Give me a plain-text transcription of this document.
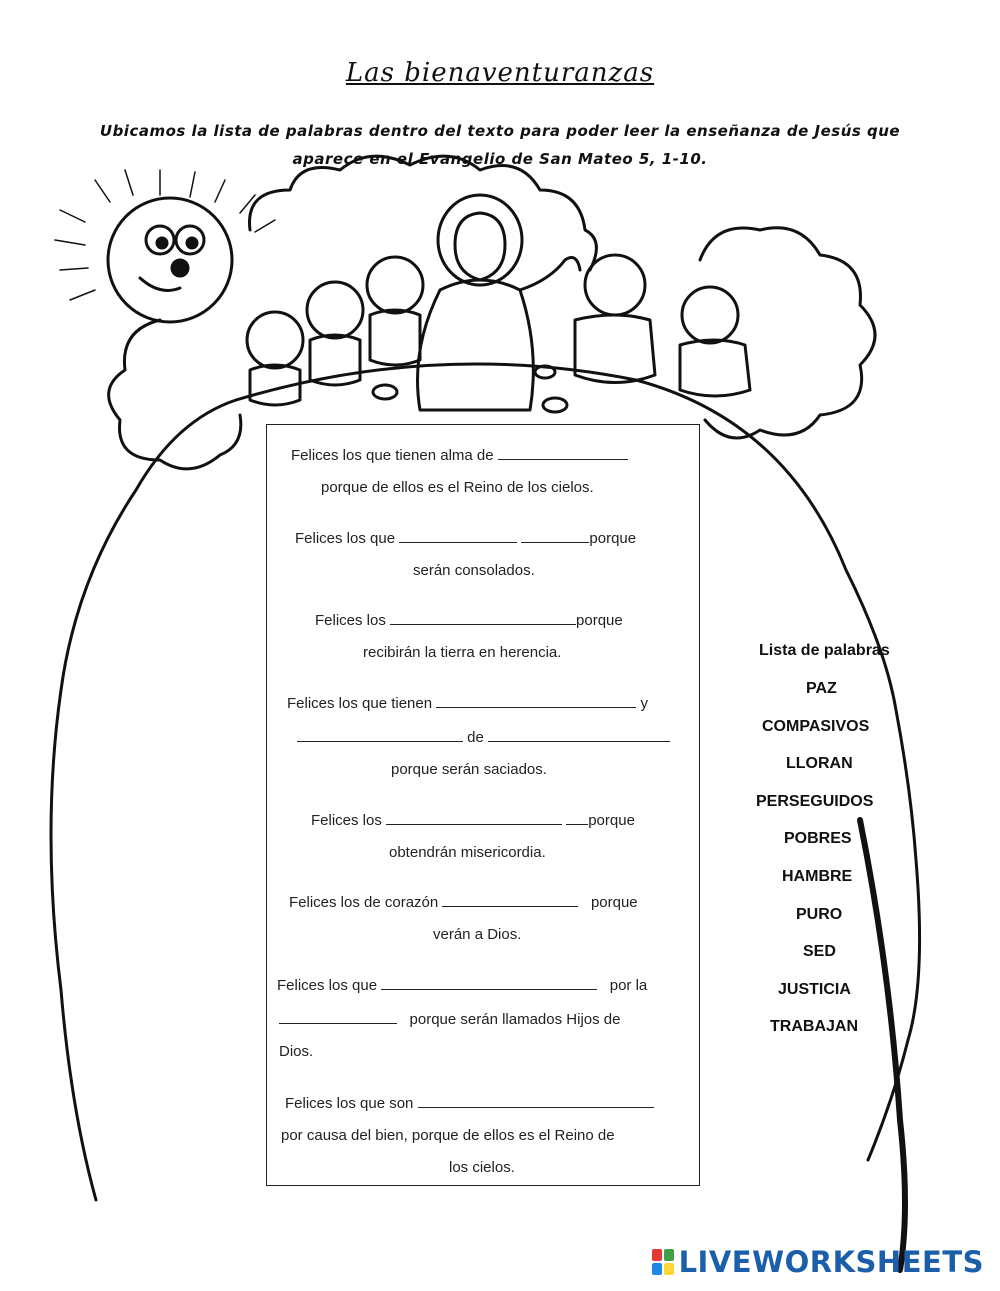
Las bienaventuranzas
Ubicamos la lista de palabras dentro del texto para poder leer la enseñanza de Jesús que
aparece en el Evangelio de San Mateo 5, 1-10.
Felices los que tienen alma de
porque de ellos es el Reino de los cielos.
Felices los que	porque
serán consolados.
Felices los	porque
recibirán la tierra en herencia.
Felices los que tienen	y
de
porque serán saciados.
Felices los	porque
obtendrán misericordia.
Felices los de corazón	porque
verán a Dios.
Felices los que	por la
porque serán llamados Hijos de
Dios.
Felices los que son
por causa del bien, porque de ellos es el Reino de
los cielos.
Lista de palabras
PAZ
COMPASIVOS
LLORAN
PERSEGUIDOS
POBRES
HAMBRE
PURO
SED
JUSTICIA
TRABAJAN
LIVEWORKSHEETS
